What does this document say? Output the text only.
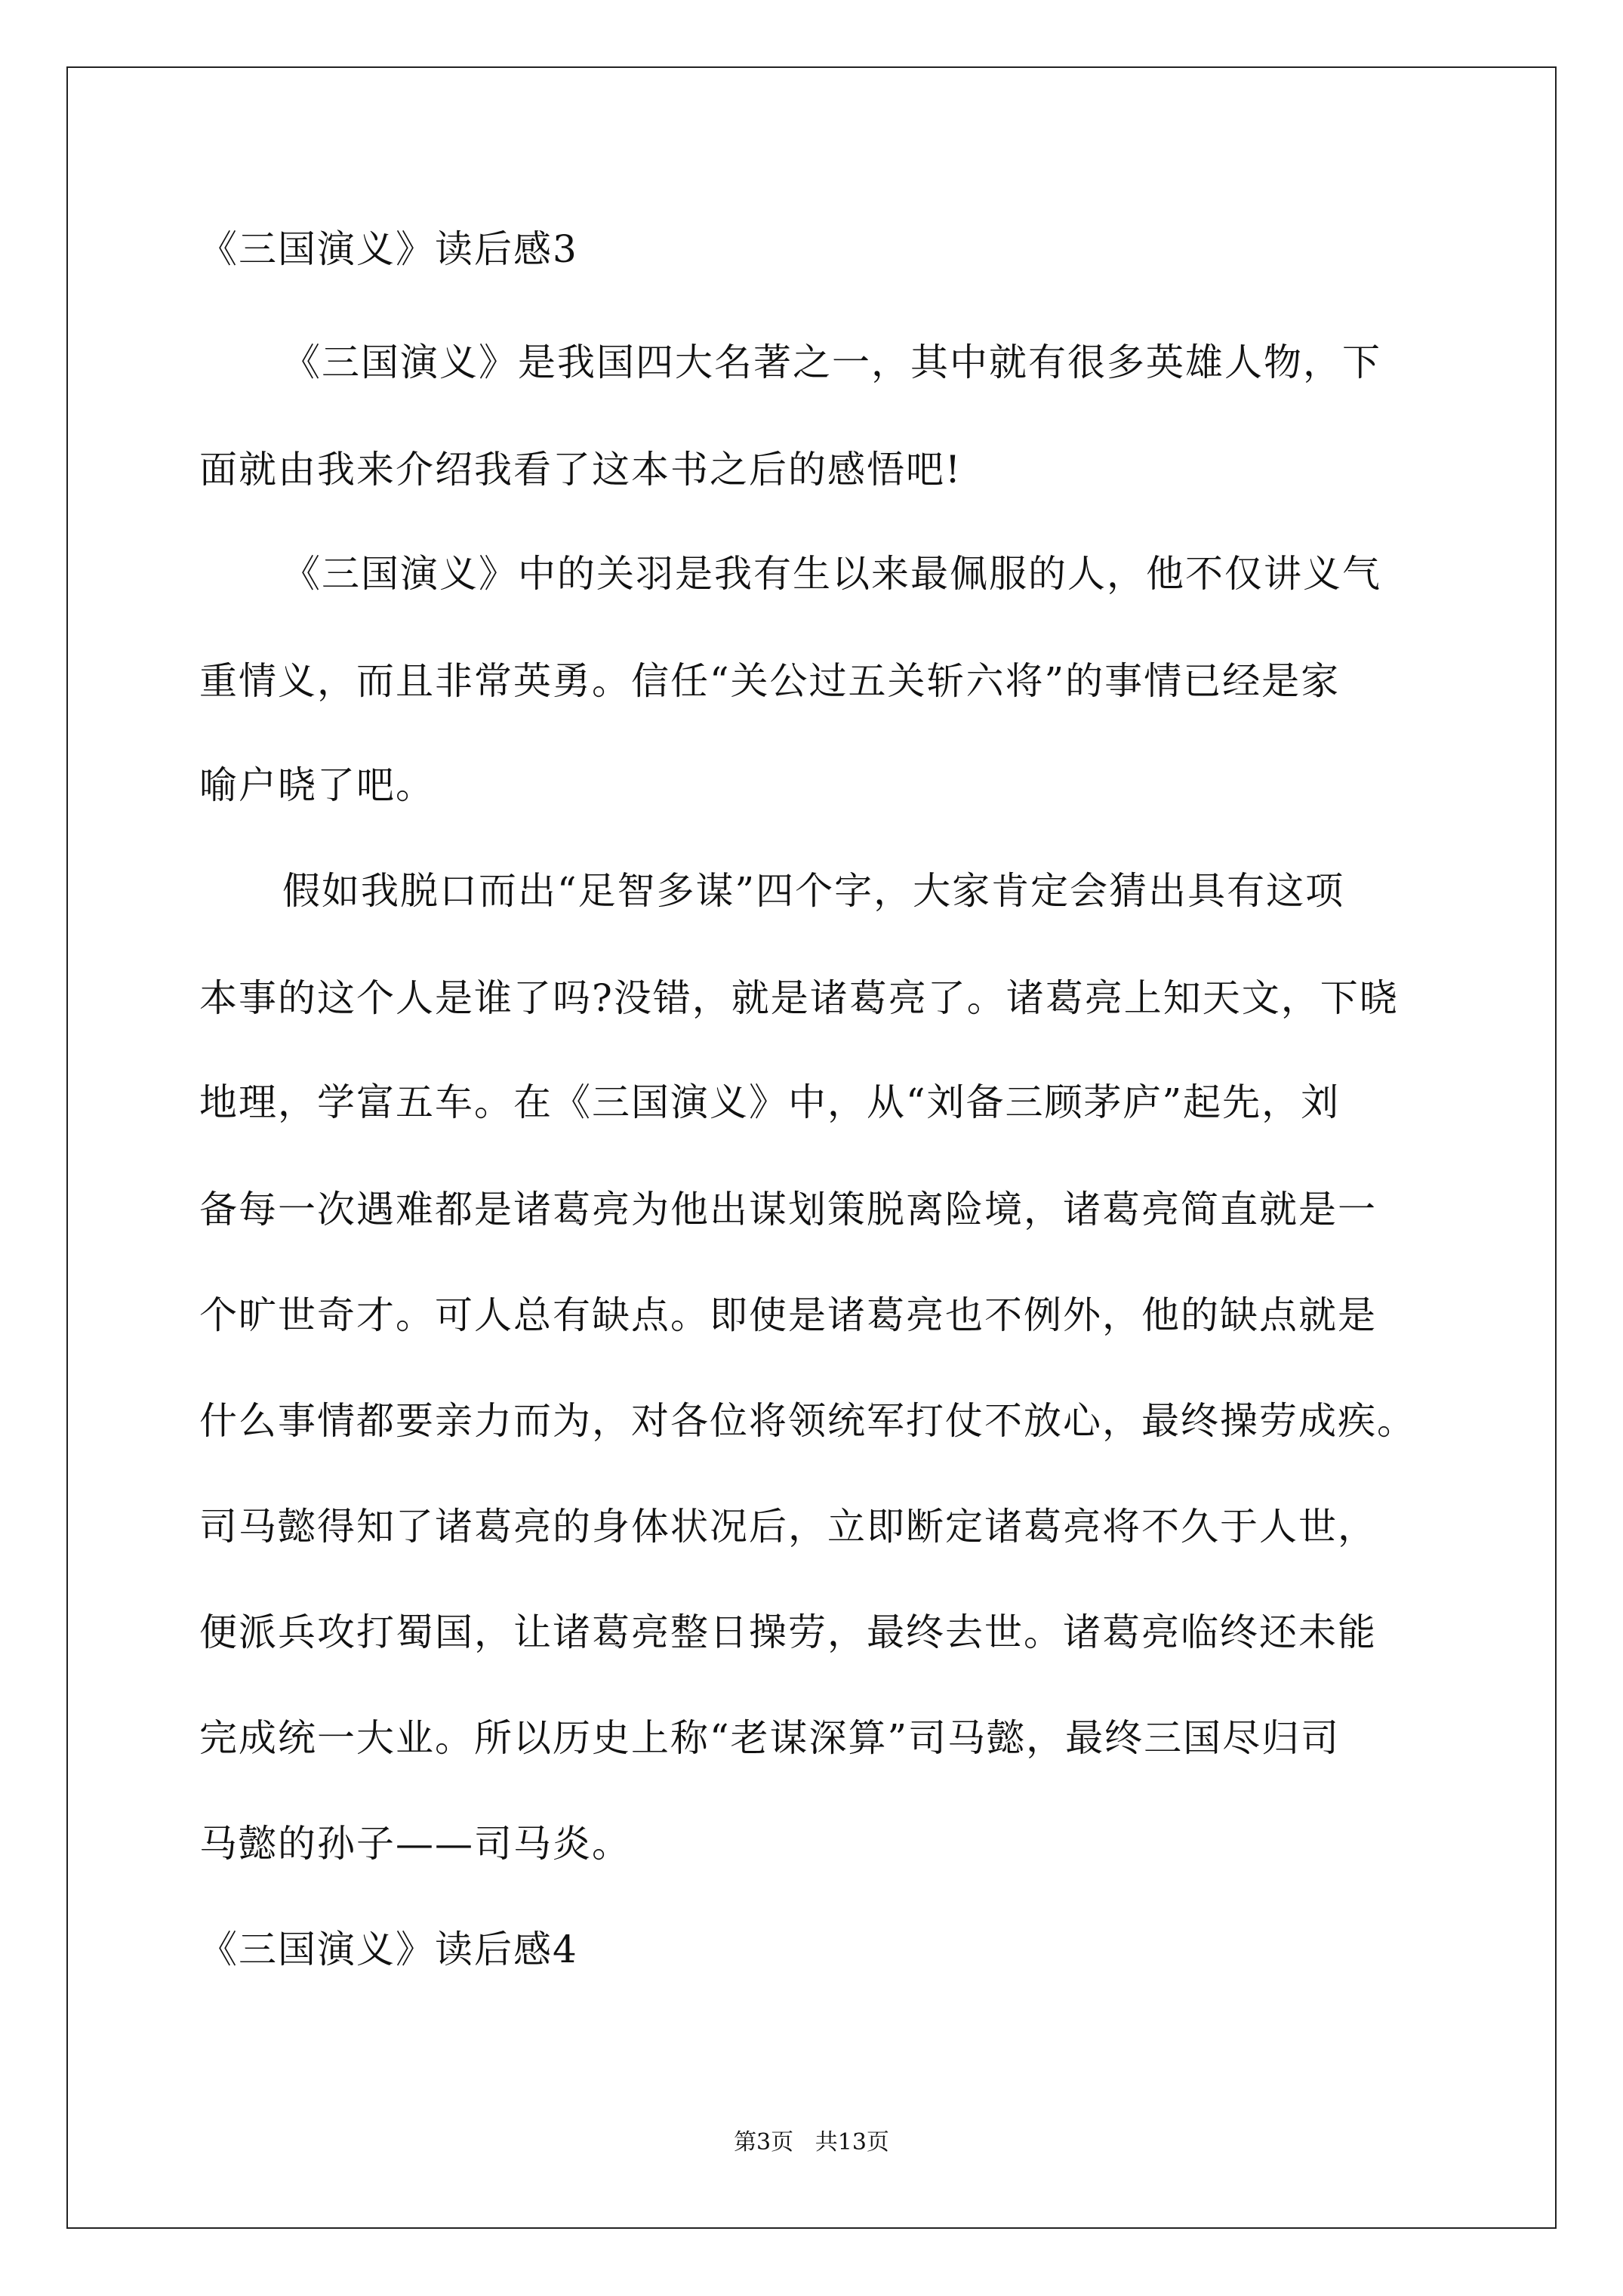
《三国演义》读后感3
《三国演义》是我国四大名著之一，其中就有很多英雄人物，下
面就由我来介绍我看了这本书之后的感悟吧!
《三国演义》中的关羽是我有生以来最佩服的人，他不仅讲义气
重情义，而且非常英勇。信任“关公过五关斩六将”的事情已经是家
喻户晓了吧。
假如我脱口而出“足智多谋”四个字，大家肯定会猜出具有这项
本事的这个人是谁了吗?没错，就是诸葛亮了。诸葛亮上知天文，下晓
地理，学富五车。在《三国演义》中，从“刘备三顾茅庐”起先，刘
备每一次遇难都是诸葛亮为他出谋划策脱离险境，诸葛亮简直就是一
个旷世奇才。可人总有缺点。即使是诸葛亮也不例外，他的缺点就是
什么事情都要亲力而为，对各位将领统军打仗不放心，最终操劳成疾。
司马懿得知了诸葛亮的身体状况后，立即断定诸葛亮将不久于人世，
便派兵攻打蜀国，让诸葛亮整日操劳，最终去世。诸葛亮临终还未能
完成统一大业。所以历史上称“老谋深算”司马懿，最终三国尽归司
马懿的孙子——司马炎。
《三国演义》读后感4
第3页   共13页
